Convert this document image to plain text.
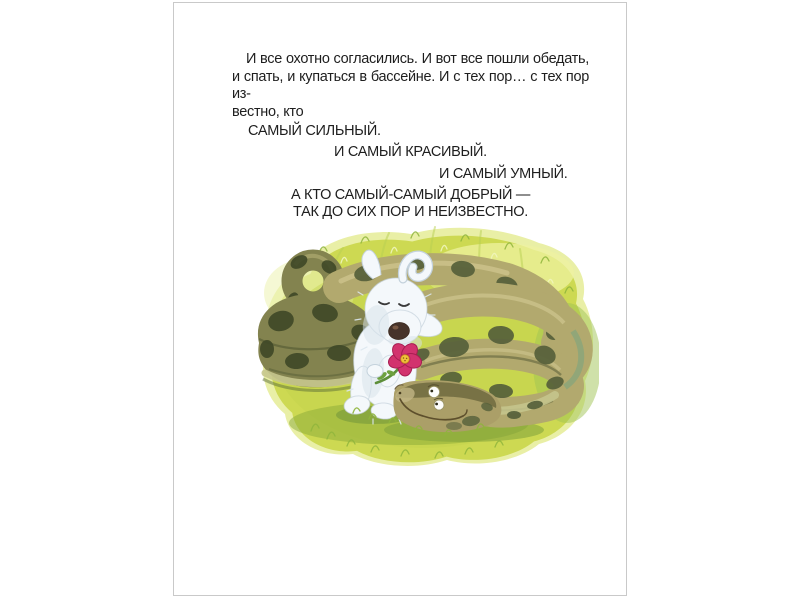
И все охотно согласились. И вот все пошли обедать,
и спать, и купаться в бассейне. И с тех пор… с тех пор из-
вестно, кто
САМЫЙ СИЛЬНЫЙ.
И САМЫЙ КРАСИВЫЙ.
И САМЫЙ УМНЫЙ.
А КТО САМЫЙ-САМЫЙ ДОБРЫЙ —
ТАК ДО СИХ ПОР И НЕИЗВЕСТНО.
